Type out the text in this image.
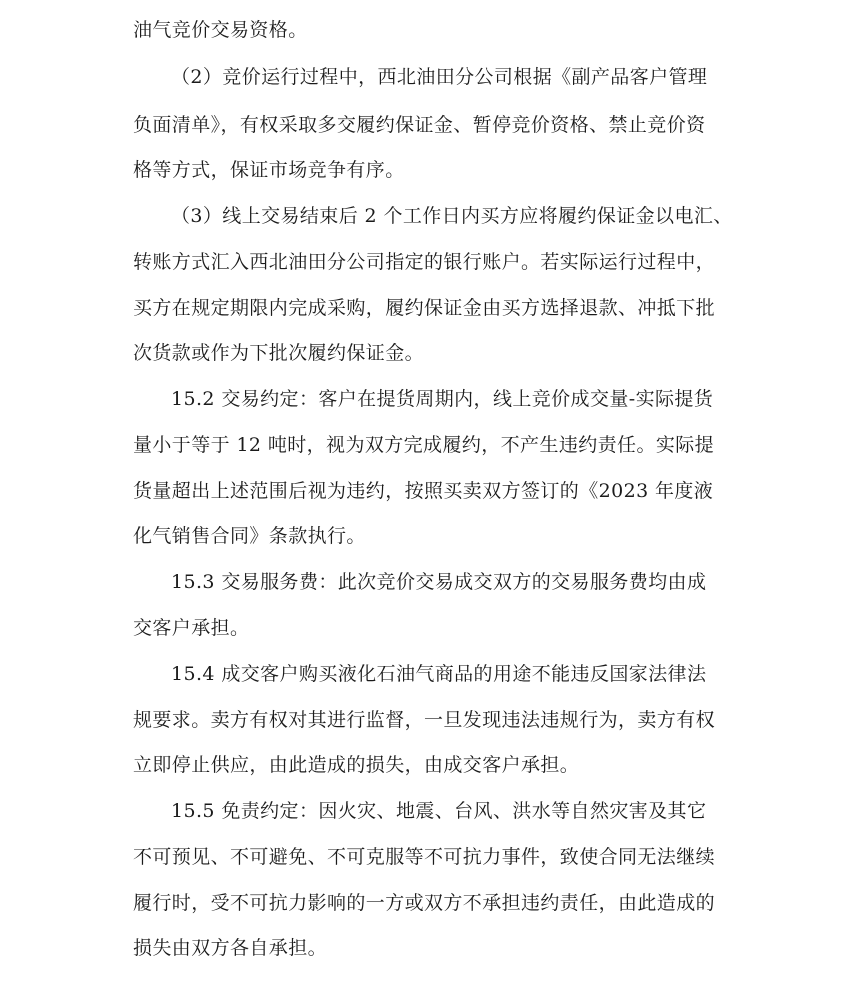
油气竞价交易资格。
（2）竞价运行过程中，西北油田分公司根据《副产品客户管理
负面清单》，有权采取多交履约保证金、暂停竞价资格、禁止竞价资
格等方式，保证市场竞争有序。
（3）线上交易结束后 2 个工作日内买方应将履约保证金以电汇、
转账方式汇入西北油田分公司指定的银行账户。若实际运行过程中，
买方在规定期限内完成采购，履约保证金由买方选择退款、冲抵下批
次货款或作为下批次履约保证金。
15.2 交易约定：客户在提货周期内，线上竞价成交量-实际提货
量小于等于 12 吨时，视为双方完成履约，不产生违约责任。实际提
货量超出上述范围后视为违约，按照买卖双方签订的《2023 年度液
化气销售合同》条款执行。
15.3 交易服务费：此次竞价交易成交双方的交易服务费均由成
交客户承担。
15.4 成交客户购买液化石油气商品的用途不能违反国家法律法
规要求。卖方有权对其进行监督，一旦发现违法违规行为，卖方有权
立即停止供应，由此造成的损失，由成交客户承担。
15.5 免责约定：因火灾、地震、台风、洪水等自然灾害及其它
不可预见、不可避免、不可克服等不可抗力事件，致使合同无法继续
履行时，受不可抗力影响的一方或双方不承担违约责任，由此造成的
损失由双方各自承担。
